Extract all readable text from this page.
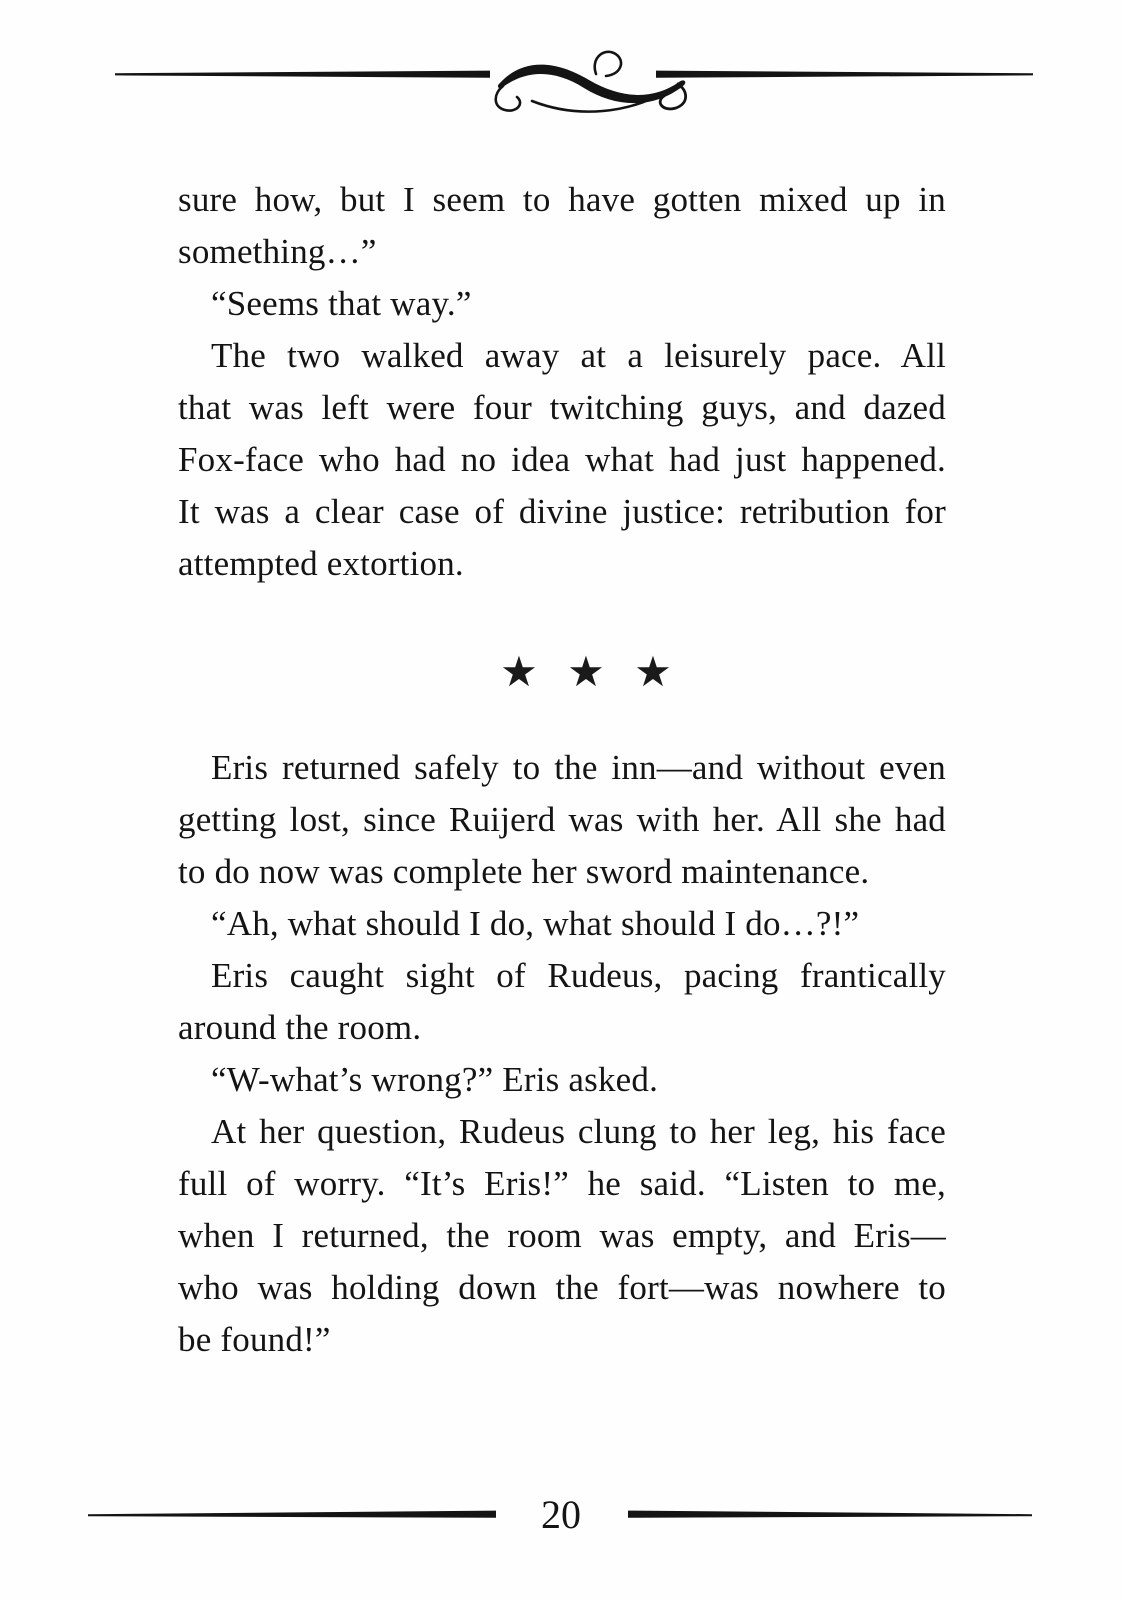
sure how, but I seem to have gotten mixed up in
something…”
“Seems that way.”
The two walked away at a leisurely pace. All
that was left were four twitching guys, and dazed
Fox-face who had no idea what had just happened.
It was a clear case of divine justice: retribution for
attempted extortion.
★ ★ ★
Eris returned safely to the inn—and without even
getting lost, since Ruijerd was with her. All she had
to do now was complete her sword maintenance.
“Ah, what should I do, what should I do…?!”
Eris caught sight of Rudeus, pacing frantically
around the room.
“W-what’s wrong?” Eris asked.
At her question, Rudeus clung to her leg, his face
full of worry. “It’s Eris!” he said. “Listen to me,
when I returned, the room was empty, and Eris—
who was holding down the fort—was nowhere to
be found!”
20
